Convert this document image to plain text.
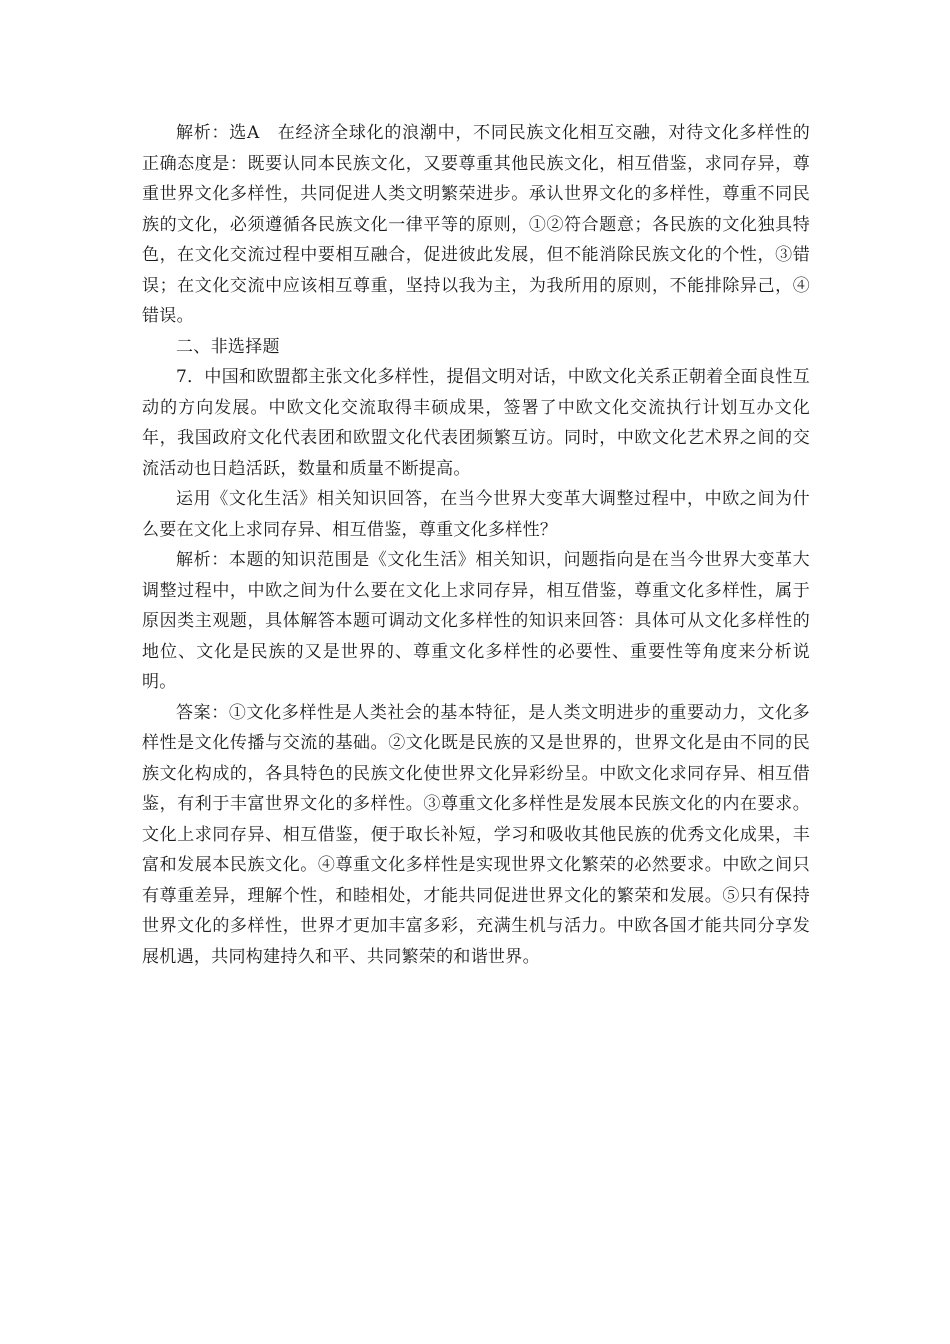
解析：选A　在经济全球化的浪潮中，不同民族文化相互交融，对待文化多样性的正确态度是：既要认同本民族文化，又要尊重其他民族文化，相互借鉴，求同存异，尊重世界文化多样性，共同促进人类文明繁荣进步。承认世界文化的多样性，尊重不同民族的文化，必须遵循各民族文化一律平等的原则，①②符合题意；各民族的文化独具特色，在文化交流过程中要相互融合，促进彼此发展，但不能消除民族文化的个性，③错误；在文化交流中应该相互尊重，坚持以我为主，为我所用的原则，不能排除异己，④错误。

二、非选择题

7．中国和欧盟都主张文化多样性，提倡文明对话，中欧文化关系正朝着全面良性互动的方向发展。中欧文化交流取得丰硕成果，签署了中欧文化交流执行计划互办文化年，我国政府文化代表团和欧盟文化代表团频繁互访。同时，中欧文化艺术界之间的交流活动也日趋活跃，数量和质量不断提高。

运用《文化生活》相关知识回答，在当今世界大变革大调整过程中，中欧之间为什么要在文化上求同存异、相互借鉴，尊重文化多样性？

解析：本题的知识范围是《文化生活》相关知识，问题指向是在当今世界大变革大调整过程中，中欧之间为什么要在文化上求同存异，相互借鉴，尊重文化多样性，属于原因类主观题，具体解答本题可调动文化多样性的知识来回答：具体可从文化多样性的地位、文化是民族的又是世界的、尊重文化多样性的必要性、重要性等角度来分析说明。

答案：①文化多样性是人类社会的基本特征，是人类文明进步的重要动力，文化多样性是文化传播与交流的基础。②文化既是民族的又是世界的，世界文化是由不同的民族文化构成的，各具特色的民族文化使世界文化异彩纷呈。中欧文化求同存异、相互借鉴，有利于丰富世界文化的多样性。③尊重文化多样性是发展本民族文化的内在要求。文化上求同存异、相互借鉴，便于取长补短，学习和吸收其他民族的优秀文化成果，丰富和发展本民族文化。④尊重文化多样性是实现世界文化繁荣的必然要求。中欧之间只有尊重差异，理解个性，和睦相处，才能共同促进世界文化的繁荣和发展。⑤只有保持世界文化的多样性，世界才更加丰富多彩，充满生机与活力。中欧各国才能共同分享发展机遇，共同构建持久和平、共同繁荣的和谐世界。
